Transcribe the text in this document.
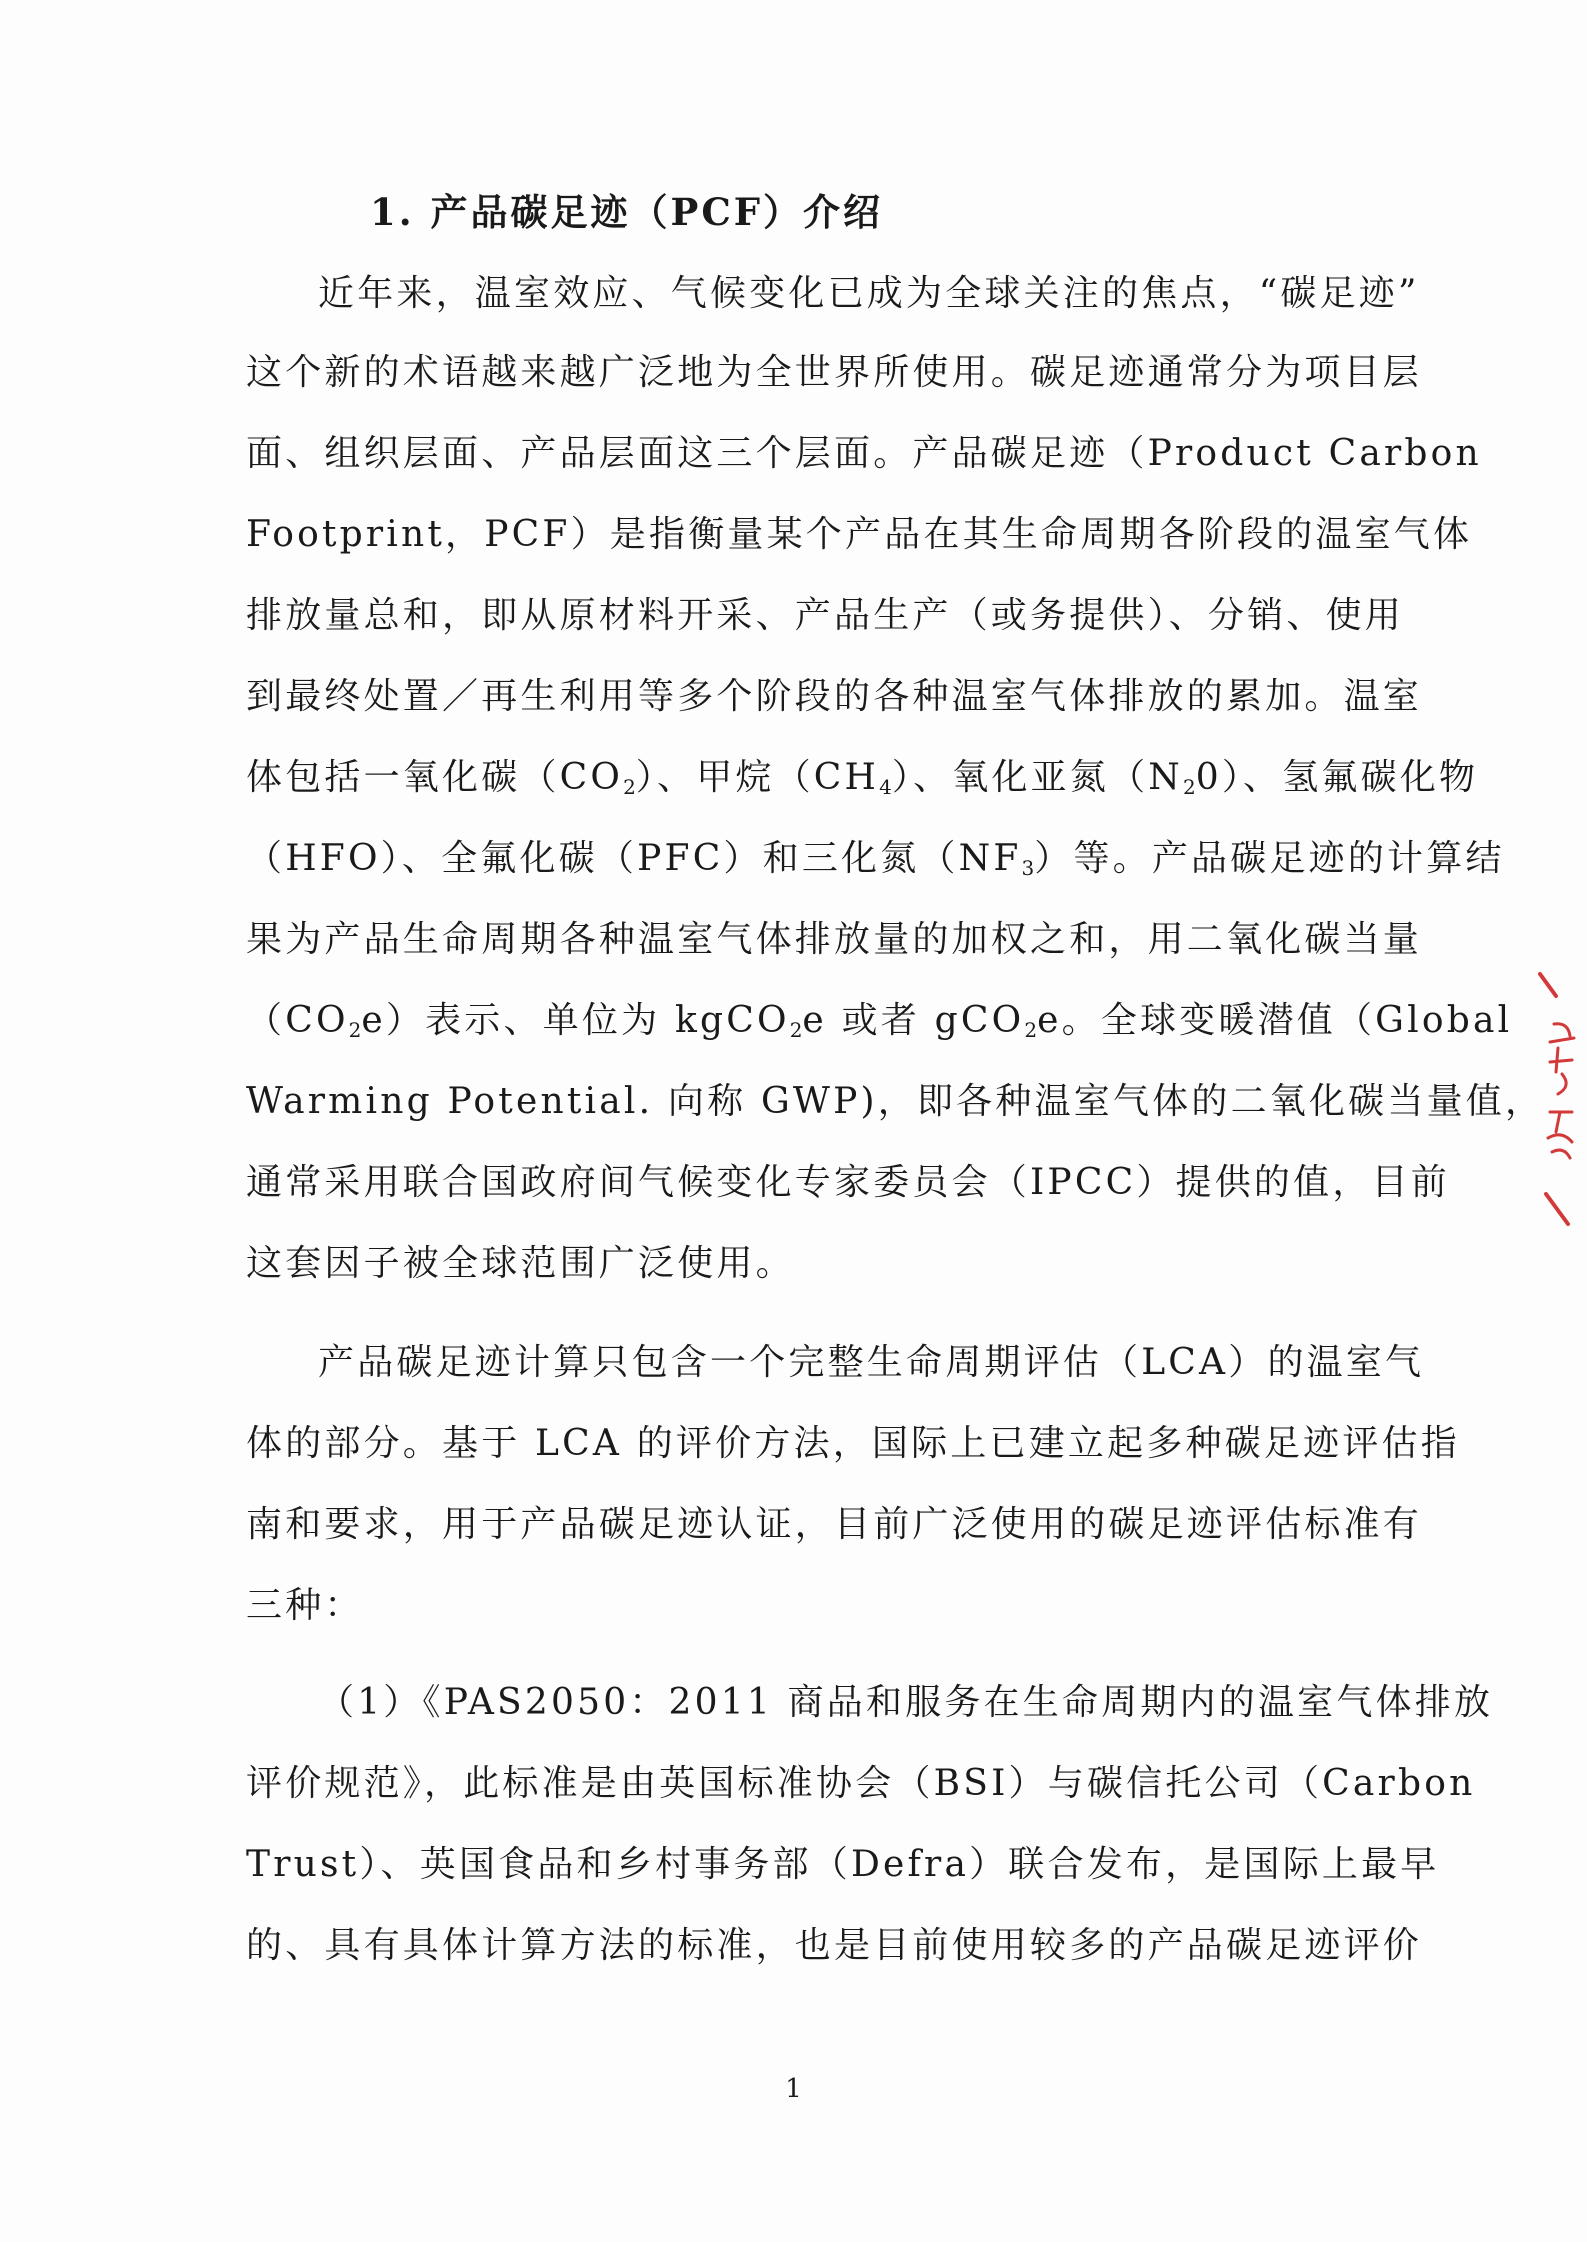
1. 产品碳足迹（PCF）介绍
近年来，温室效应、气候变化已成为全球关注的焦点，“碳足迹”
这个新的术语越来越广泛地为全世界所使用。碳足迹通常分为项目层
面、组织层面、产品层面这三个层面。产品碳足迹（Product Carbon
Footprint，PCF）是指衡量某个产品在其生命周期各阶段的温室气体
排放量总和，即从原材料开采、产品生产（或务提供）、分销、使用
到最终处置／再生利用等多个阶段的各种温室气体排放的累加。温室
体包括一氧化碳$(CO_2)$、甲烷$(CH_4)$、氧化亚氮$(N_20)$、氢氟碳化物
（HFO）、全氟化碳（PFC）和三化氮$(NF_3)$等。产品碳足迹的计算结
果为产品生命周期各种温室气体排放量的加权之和，用二氧化碳当量
$(CO_2e)$表示、单位为 kgCO$_2$e 或者 gCO$_2$e。全球变暖潜值（Global
Warming Potential. 向称 GWP)，即各种温室气体的二氧化碳当量值，
通常采用联合国政府间气候变化专家委员会（IPCC）提供的值，目前
这套因子被全球范围广泛使用。
产品碳足迹计算只包含一个完整生命周期评估（LCA）的温室气
体的部分。基于 LCA 的评价方法，国际上已建立起多种碳足迹评估指
南和要求，用于产品碳足迹认证，目前广泛使用的碳足迹评估标准有
三种：
（1）《PAS2050：2011 商品和服务在生命周期内的温室气体排放
评价规范》，此标准是由英国标准协会（BSI）与碳信托公司（Carbon
Trust）、英国食品和乡村事务部（Defra）联合发布，是国际上最早
的、具有具体计算方法的标准，也是目前使用较多的产品碳足迹评价
1
